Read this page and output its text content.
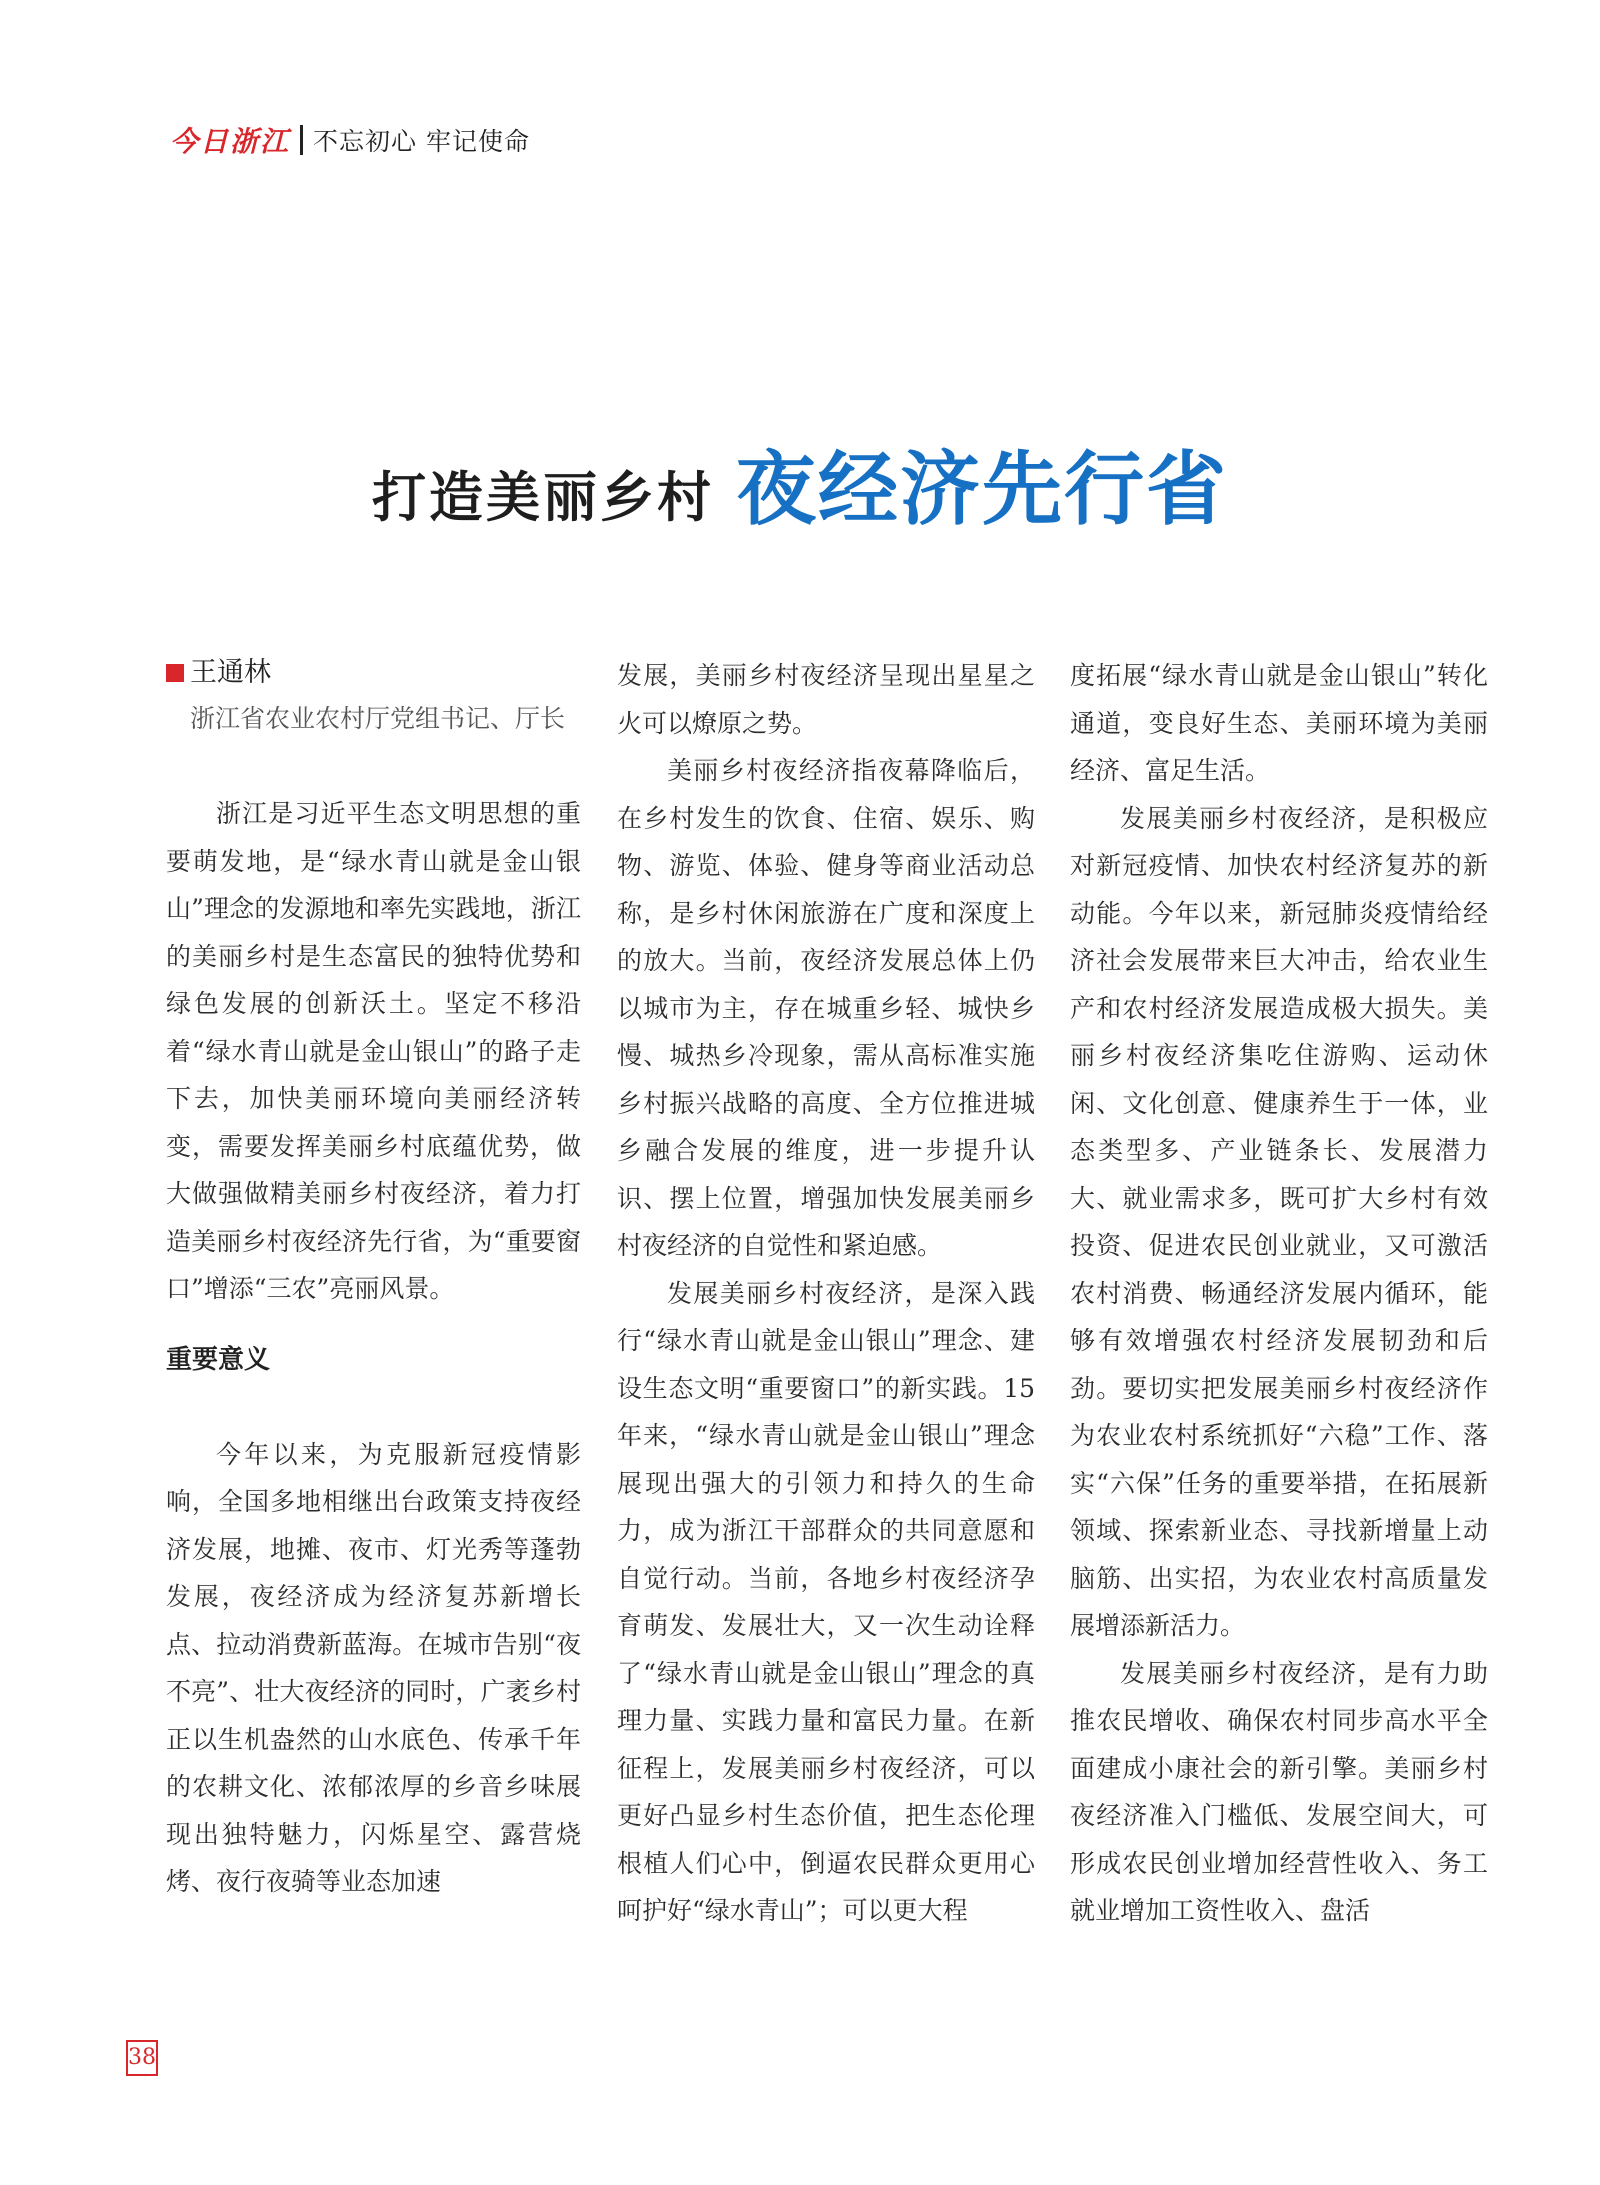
今日浙江 不忘初心 牢记使命
打造美丽乡村 夜经济先行省
王通林
浙江省农业农村厅党组书记、厅长

浙江是习近平生态文明思想的重要萌发地，是“绿水青山就是金山银山”理念的发源地和率先实践地，浙江的美丽乡村是生态富民的独特优势和绿色发展的创新沃土。坚定不移沿着“绿水青山就是金山银山”的路子走下去，加快美丽环境向美丽经济转变，需要发挥美丽乡村底蕴优势，做大做强做精美丽乡村夜经济，着力打造美丽乡村夜经济先行省，为“重要窗口”增添“三农”亮丽风景。

重要意义

今年以来，为克服新冠疫情影响，全国多地相继出台政策支持夜经济发展，地摊、夜市、灯光秀等蓬勃发展，夜经济成为经济复苏新增长点、拉动消费新蓝海。在城市告别“夜不亮”、壮大夜经济的同时，广袤乡村正以生机盎然的山水底色、传承千年的农耕文化、浓郁浓厚的乡音乡味展现出独特魅力，闪烁星空、露营烧烤、夜行夜骑等业态加速

发展，美丽乡村夜经济呈现出星星之火可以燎原之势。

美丽乡村夜经济指夜幕降临后，在乡村发生的饮食、住宿、娱乐、购物、游览、体验、健身等商业活动总称，是乡村休闲旅游在广度和深度上的放大。当前，夜经济发展总体上仍以城市为主，存在城重乡轻、城快乡慢、城热乡冷现象，需从高标准实施乡村振兴战略的高度、全方位推进城乡融合发展的维度，进一步提升认识、摆上位置，增强加快发展美丽乡村夜经济的自觉性和紧迫感。

发展美丽乡村夜经济，是深入践行“绿水青山就是金山银山”理念、建设生态文明“重要窗口”的新实践。15年来，“绿水青山就是金山银山”理念展现出强大的引领力和持久的生命力，成为浙江干部群众的共同意愿和自觉行动。当前，各地乡村夜经济孕育萌发、发展壮大，又一次生动诠释了“绿水青山就是金山银山”理念的真理力量、实践力量和富民力量。在新征程上，发展美丽乡村夜经济，可以更好凸显乡村生态价值，把生态伦理根植人们心中，倒逼农民群众更用心呵护好“绿水青山”；可以更大程

度拓展“绿水青山就是金山银山”转化通道，变良好生态、美丽环境为美丽经济、富足生活。

发展美丽乡村夜经济，是积极应对新冠疫情、加快农村经济复苏的新动能。今年以来，新冠肺炎疫情给经济社会发展带来巨大冲击，给农业生产和农村经济发展造成极大损失。美丽乡村夜经济集吃住游购、运动休闲、文化创意、健康养生于一体，业态类型多、产业链条长、发展潜力大、就业需求多，既可扩大乡村有效投资、促进农民创业就业，又可激活农村消费、畅通经济发展内循环，能够有效增强农村经济发展韧劲和后劲。要切实把发展美丽乡村夜经济作为农业农村系统抓好“六稳”工作、落实“六保”任务的重要举措，在拓展新领域、探索新业态、寻找新增量上动脑筋、出实招，为农业农村高质量发展增添新活力。

发展美丽乡村夜经济，是有力助推农民增收、确保农村同步高水平全面建成小康社会的新引擎。美丽乡村夜经济准入门槛低、发展空间大，可形成农民创业增加经营性收入、务工就业增加工资性收入、盘活

38
